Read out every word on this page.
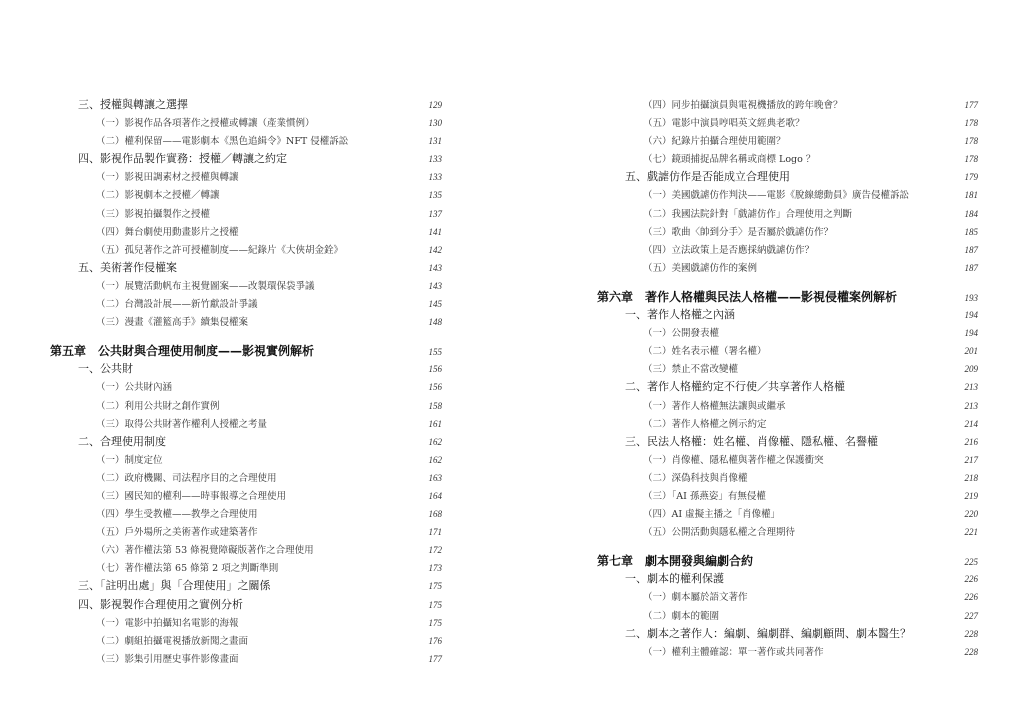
三、授權與轉讓之選擇	129
（一）影視作品各項著作之授權或轉讓（產業慣例）	130
（二）權利保留——電影劇本《黑色追緝令》NFT 侵權訴訟	131
四、影視作品製作實務：授權／轉讓之約定	133
（一）影視田調素材之授權與轉讓	133
（二）影視劇本之授權／轉讓	135
（三）影視拍攝製作之授權	137
（四）舞台劇使用動畫影片之授權	141
（五）孤兒著作之許可授權制度——紀錄片《大俠胡金銓》	142
五、美術著作侵權案	143
（一）展覽活動帆布主視覺圖案——改製環保袋爭議	143
（二）台灣設計展——新竹獻設計爭議	145
（三）漫畫《灌籃高手》續集侵權案	148
第五章　公共財與合理使用制度——影視實例解析	155
一、公共財	156
（一）公共財內涵	156
（二）利用公共財之創作實例	158
（三）取得公共財著作權利人授權之考量	161
二、合理使用制度	162
（一）制度定位	162
（二）政府機關、司法程序目的之合理使用	163
（三）國民知的權利——時事報導之合理使用	164
（四）學生受教權——教學之合理使用	168
（五）戶外場所之美術著作或建築著作	171
（六）著作權法第 53 條視覺障礙版著作之合理使用	172
（七）著作權法第 65 條第 2 項之判斷準則	173
三、「註明出處」與「合理使用」之關係	175
四、影視製作合理使用之實例分析	175
（一）電影中拍攝知名電影的海報	175
（二）劇組拍攝電視播放新聞之畫面	176
（三）影集引用歷史事件影像畫面	177
（四）同步拍攝演員與電視機播放的跨年晚會？	177
（五）電影中演員哼唱英文經典老歌？	178
（六）紀錄片拍攝合理使用範圍？	178
（七）鏡頭捕捉品牌名稱或商標 Logo ？	178
五、戲謔仿作是否能成立合理使用	179
（一）美國戲謔仿作判決——電影《脫線總動員》廣告侵權訴訟	181
（二）我國法院針對「戲謔仿作」合理使用之判斷	184
（三）歌曲〈帥到分手〉是否屬於戲謔仿作？	185
（四）立法政策上是否應採納戲謔仿作？	187
（五）美國戲謔仿作的案例	187
第六章　著作人格權與民法人格權——影視侵權案例解析	193
一、著作人格權之內涵	194
（一）公開發表權	194
（二）姓名表示權（署名權）	201
（三）禁止不當改變權	209
二、著作人格權約定不行使／共享著作人格權	213
（一）著作人格權無法讓與或繼承	213
（二）著作人格權之例示約定	214
三、民法人格權：姓名權、肖像權、隱私權、名譽權	216
（一）肖像權、隱私權與著作權之保護衝突	217
（二）深偽科技與肖像權	218
（三）「AI 孫燕姿」有無侵權	219
（四）AI 虛擬主播之「肖像權」	220
（五）公開活動與隱私權之合理期待	221
第七章　劇本開發與編劇合約	225
一、劇本的權利保護	226
（一）劇本屬於語文著作	226
（二）劇本的範圍	227
二、劇本之著作人：編劇、編劇群、編劇顧問、劇本醫生？	228
（一）權利主體確認：單一著作或共同著作	228
